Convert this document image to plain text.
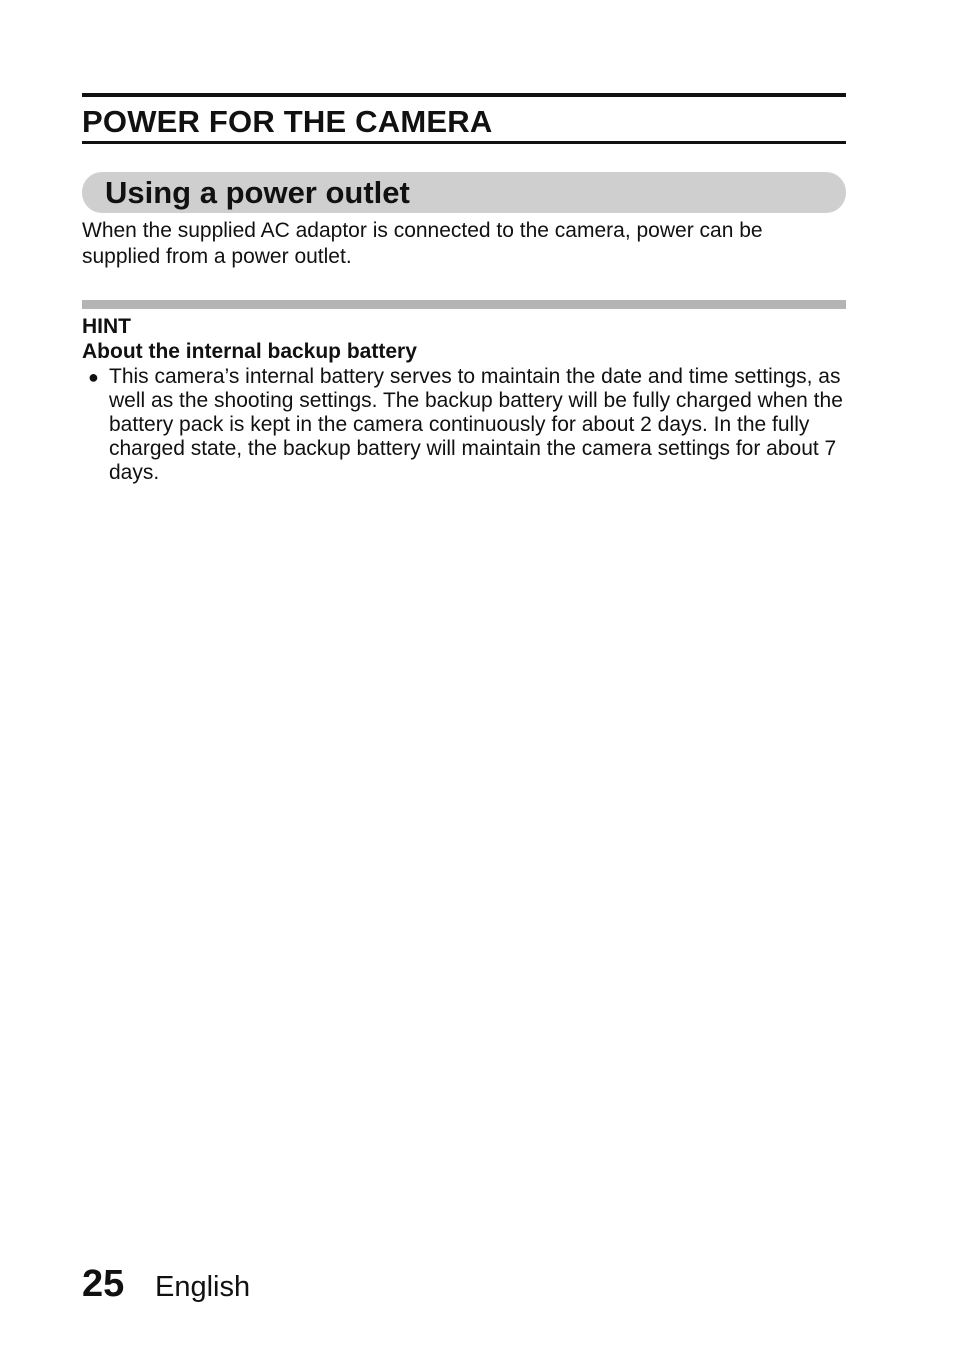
POWER FOR THE CAMERA
Using a power outlet

When the supplied AC adaptor is connected to the camera, power can be supplied from a power outlet.

HINT

About the internal backup battery

● This camera’s internal battery serves to maintain the date and time settings, as well as the shooting settings. The backup battery will be fully charged when the battery pack is kept in the camera continuously for about 2 days. In the fully charged state, the backup battery will maintain the camera settings for about 7 days.

25 English
